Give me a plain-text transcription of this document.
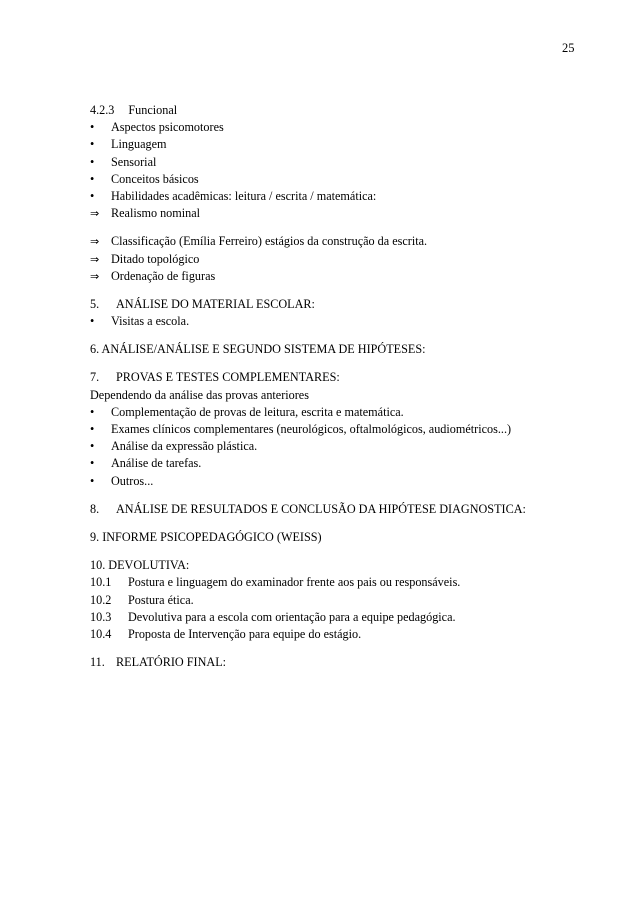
25
4.2.3 Funcional
•	Aspectos psicomotores
•	Linguagem
•	Sensorial
•	Conceitos básicos
•	Habilidades acadêmicas: leitura / escrita / matemática:
⇒ Realismo nominal
⇒ Classificação (Emília Ferreiro) estágios da construção da escrita.
⇒ Ditado topológico
⇒ Ordenação de figuras
5. ANÁLISE DO MATERIAL ESCOLAR:
•	Visitas a escola.
6. ANÁLISE/ANÁLISE E SEGUNDO SISTEMA DE HIPÓTESES:
7. PROVAS E TESTES COMPLEMENTARES:
Dependendo da análise das provas anteriores
•	Complementação de provas de leitura, escrita e matemática.
•	Exames clínicos complementares (neurológicos, oftalmológicos, audiométricos...)
•	Análise da expressão plástica.
•	Análise de tarefas.
•	Outros...
8. ANÁLISE DE RESULTADOS E CONCLUSÃO DA HIPÓTESE DIAGNOSTICA:
9. INFORME PSICOPEDAGÓGICO (WEISS)
10. DEVOLUTIVA:
10.1 Postura e linguagem do examinador frente aos pais ou responsáveis.
10.2 Postura ética.
10.3 Devolutiva para a escola com orientação para a equipe pedagógica.
10.4 Proposta de Intervenção para equipe do estágio.
11. RELATÓRIO FINAL:
